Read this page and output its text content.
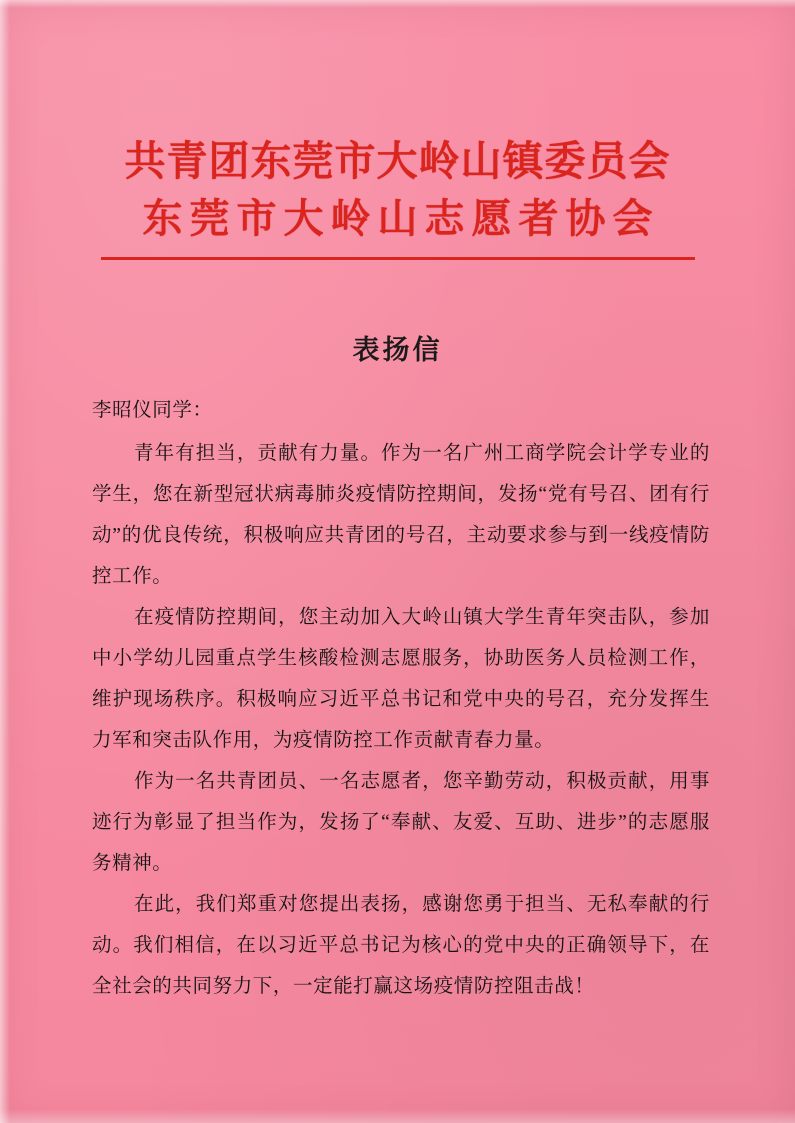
共青团东莞市大岭山镇委员会
东莞市大岭山志愿者协会
表扬信

李昭仪同学：

青年有担当，贡献有力量。作为一名广州工商学院会计学专业的学生，您在新型冠状病毒肺炎疫情防控期间，发扬“党有号召、团有行动”的优良传统，积极响应共青团的号召，主动要求参与到一线疫情防控工作。

在疫情防控期间，您主动加入大岭山镇大学生青年突击队，参加中小学幼儿园重点学生核酸检测志愿服务，协助医务人员检测工作，维护现场秩序。积极响应习近平总书记和党中央的号召，充分发挥生力军和突击队作用，为疫情防控工作贡献青春力量。

作为一名共青团员、一名志愿者，您辛勤劳动，积极贡献，用事迹行为彰显了担当作为，发扬了“奉献、友爱、互助、进步”的志愿服务精神。

在此，我们郑重对您提出表扬，感谢您勇于担当、无私奉献的行动。我们相信，在以习近平总书记为核心的党中央的正确领导下，在全社会的共同努力下，一定能打赢这场疫情防控阻击战！
